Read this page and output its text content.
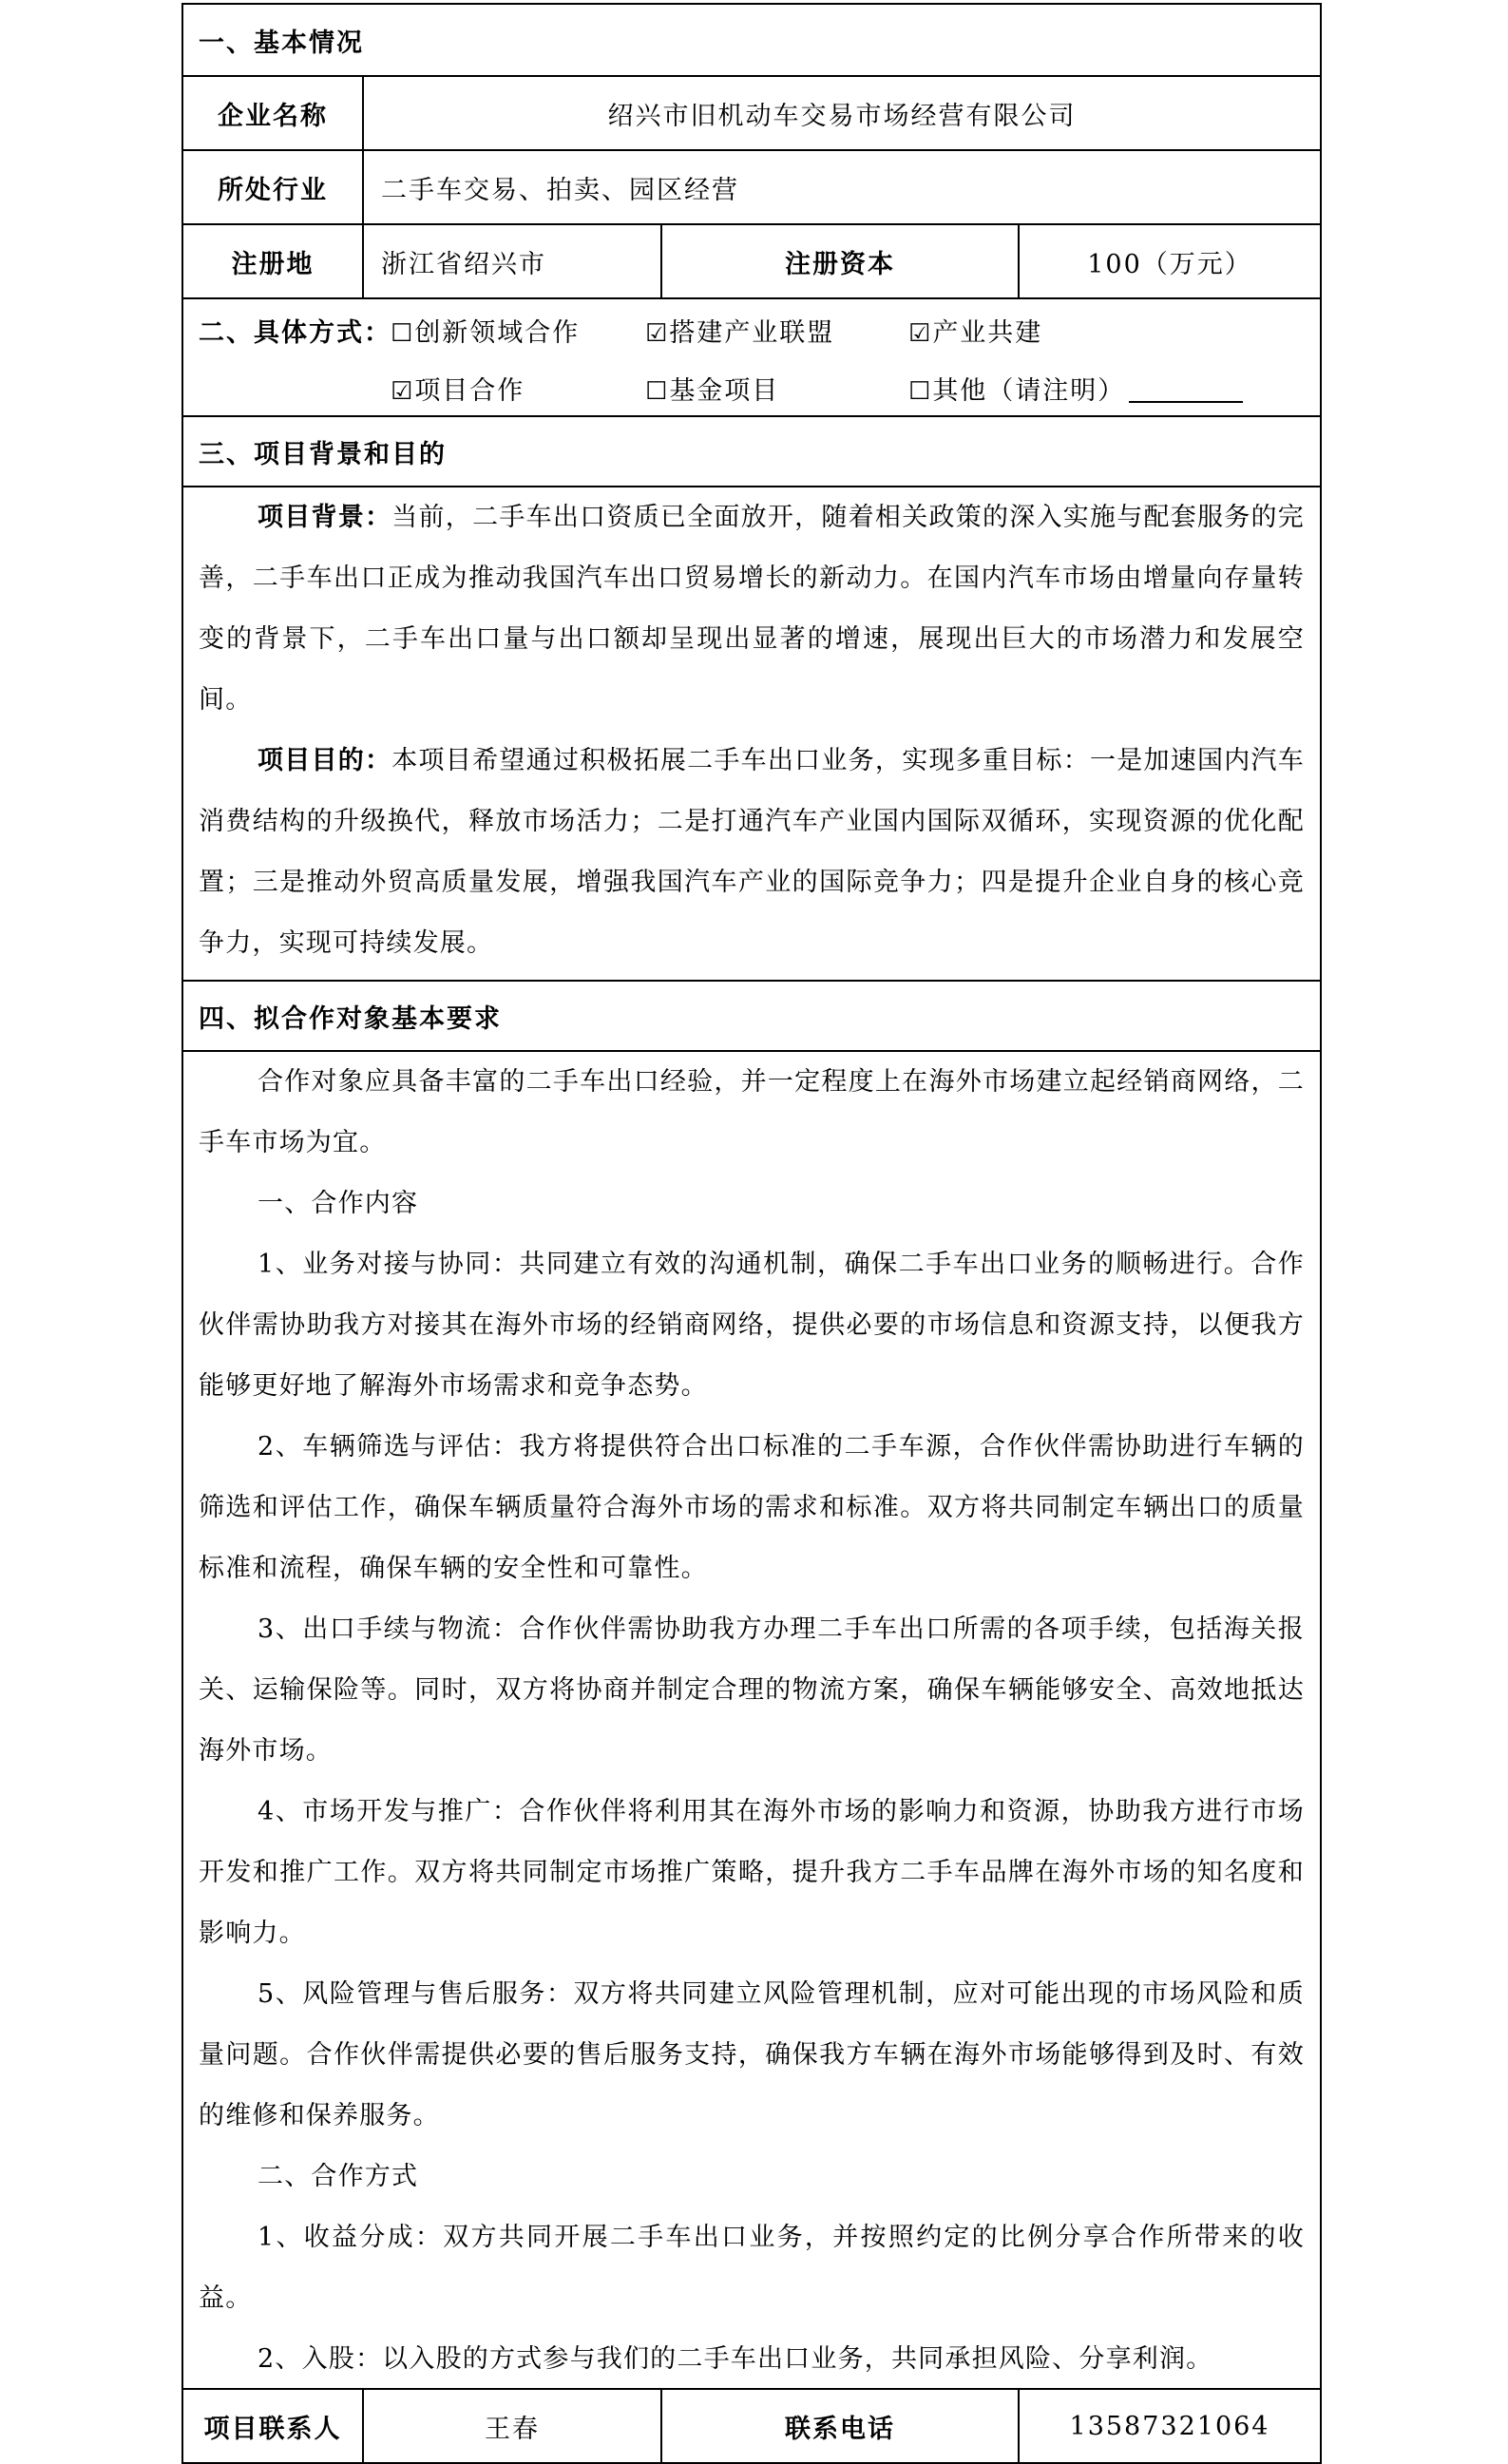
一、基本情况
企业名称	绍兴市旧机动车交易市场经营有限公司
所处行业	二手车交易、拍卖、园区经营
注册地	浙江省绍兴市	注册资本	100（万元）
二、具体方式： ☐创新领域合作	☑搭建产业联盟	☑产业共建
☑项目合作	☐基金项目	☐其他（请注明）
三、项目背景和目的

项目背景：当前，二手车出口资质已全面放开，随着相关政策的深入实施与配套服务的完善，二手车出口正成为推动我国汽车出口贸易增长的新动力。在国内汽车市场由增量向存量转变的背景下，二手车出口量与出口额却呈现出显著的增速，展现出巨大的市场潜力和发展空间。

项目目的：本项目希望通过积极拓展二手车出口业务，实现多重目标：一是加速国内汽车消费结构的升级换代，释放市场活力；二是打通汽车产业国内国际双循环，实现资源的优化配置；三是推动外贸高质量发展，增强我国汽车产业的国际竞争力；四是提升企业自身的核心竞争力，实现可持续发展。

四、拟合作对象基本要求

合作对象应具备丰富的二手车出口经验，并一定程度上在海外市场建立起经销商网络，二手车市场为宜。

一、合作内容

1、业务对接与协同：共同建立有效的沟通机制，确保二手车出口业务的顺畅进行。合作伙伴需协助我方对接其在海外市场的经销商网络，提供必要的市场信息和资源支持，以便我方能够更好地了解海外市场需求和竞争态势。

2、车辆筛选与评估：我方将提供符合出口标准的二手车源，合作伙伴需协助进行车辆的筛选和评估工作，确保车辆质量符合海外市场的需求和标准。双方将共同制定车辆出口的质量标准和流程，确保车辆的安全性和可靠性。

3、出口手续与物流：合作伙伴需协助我方办理二手车出口所需的各项手续，包括海关报关、运输保险等。同时，双方将协商并制定合理的物流方案，确保车辆能够安全、高效地抵达海外市场。

4、市场开发与推广：合作伙伴将利用其在海外市场的影响力和资源，协助我方进行市场开发和推广工作。双方将共同制定市场推广策略，提升我方二手车品牌在海外市场的知名度和影响力。

5、风险管理与售后服务：双方将共同建立风险管理机制，应对可能出现的市场风险和质量问题。合作伙伴需提供必要的售后服务支持，确保我方车辆在海外市场能够得到及时、有效的维修和保养服务。

二、合作方式

1、收益分成：双方共同开展二手车出口业务，并按照约定的比例分享合作所带来的收益。

2、入股：以入股的方式参与我们的二手车出口业务，共同承担风险、分享利润。

项目联系人	王春	联系电话	13587321064
